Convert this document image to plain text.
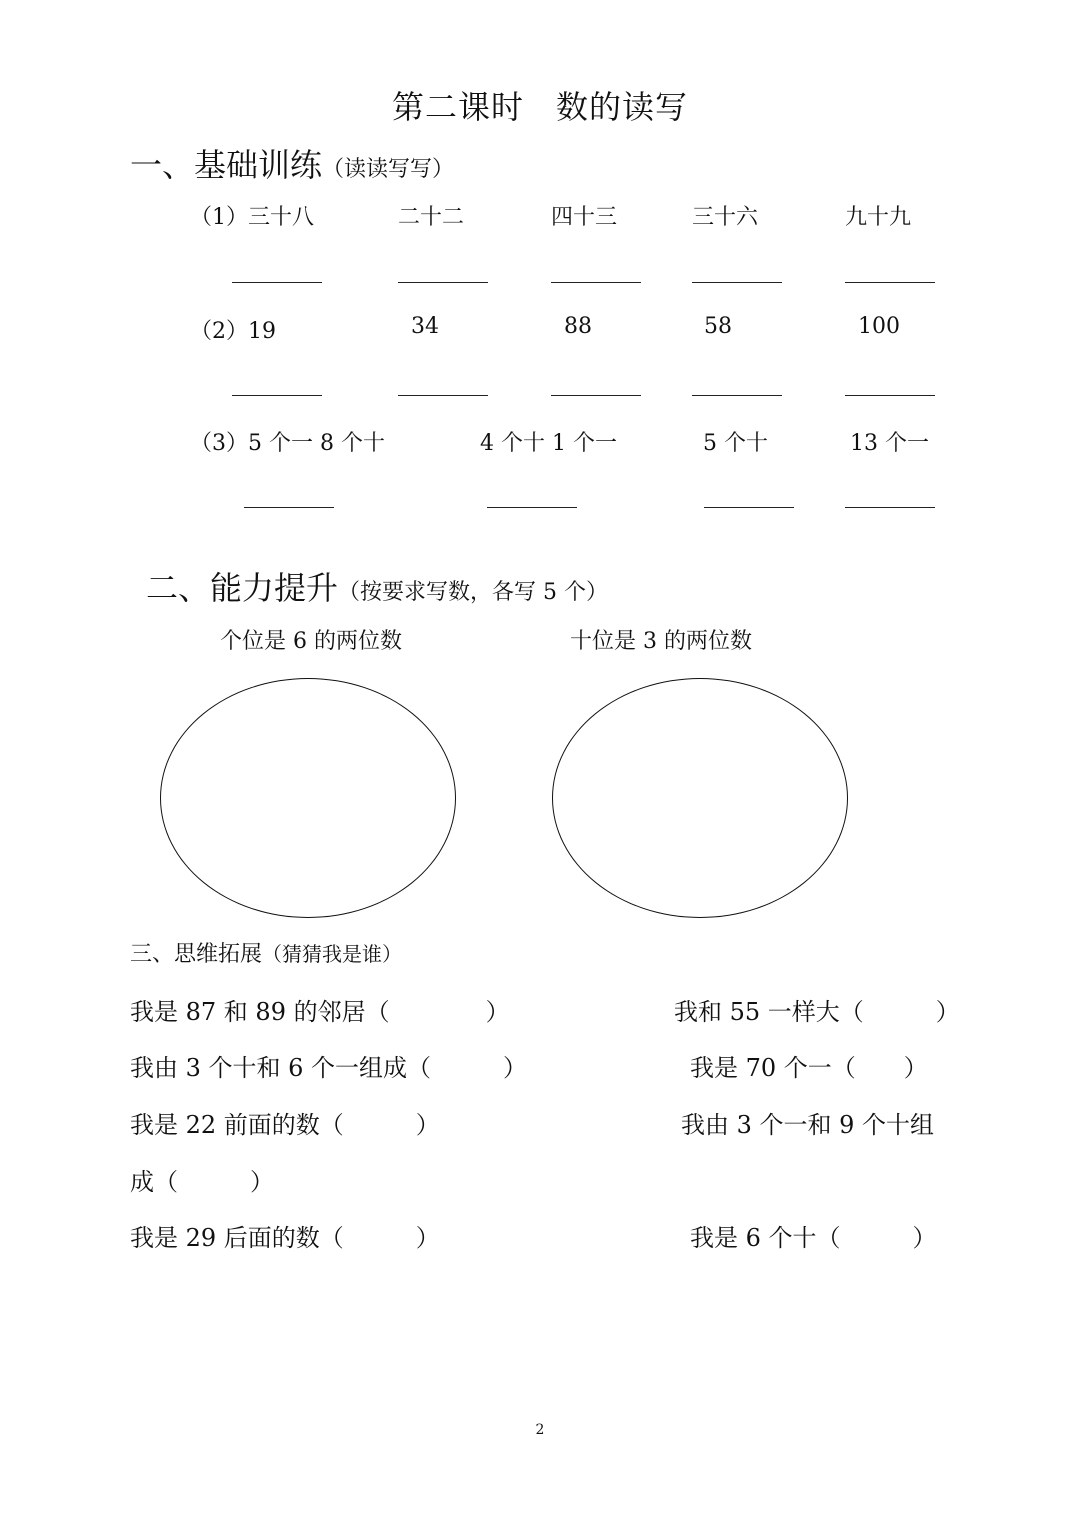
第二课时 数的读写
一、基础训练（读读写写）
（1）三十八	二十二	四十三	三十六	九十九
（2）19	34	88	58	100
（3）5 个一 8 个十	4 个十 1 个一	5 个十	13 个一
二、能力提升（按要求写数，各写 5 个）
个位是 6 的两位数	十位是 3 的两位数
三、思维拓展（猜猜我是谁）
我是 87 和 89 的邻居（　　　　）	我和 55 一样大（　　　）
我由 3 个十和 6 个一组成（　　　）	我是 70 个一（　　）
我是 22 前面的数（　　　）	我由 3 个一和 9 个十组
成（　　　）
我是 29 后面的数（　　　）	我是 6 个十（　　　）
2
